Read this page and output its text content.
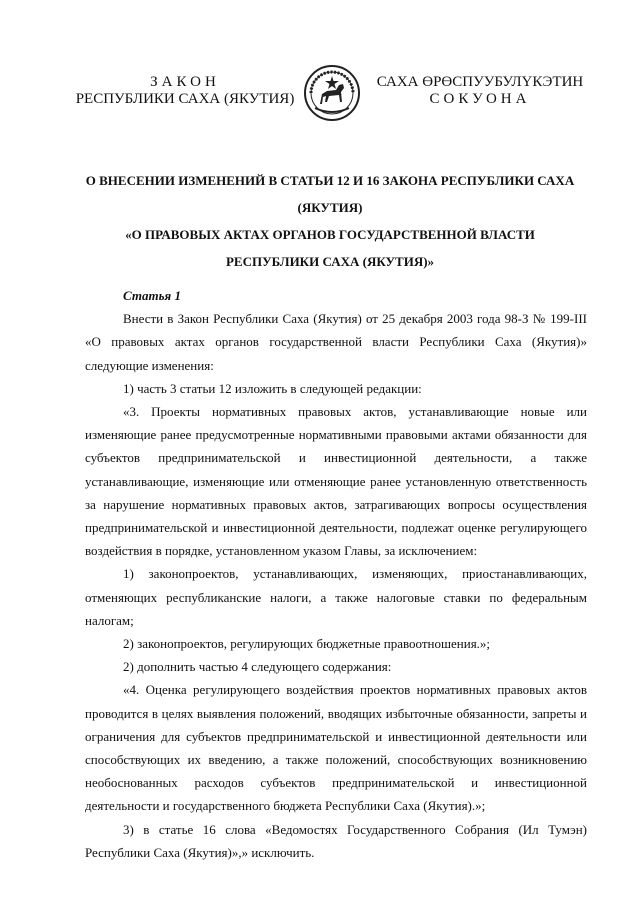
ЗАКОН
РЕСПУБЛИКИ САХА (ЯКУТИЯ)
САХА ӨРӨСПУУБУЛҮКЭТИН
СОКУОНА
О ВНЕСЕНИИ ИЗМЕНЕНИЙ В СТАТЬИ 12 И 16 ЗАКОНА РЕСПУБЛИКИ САХА (ЯКУТИЯ)
«О ПРАВОВЫХ АКТАХ ОРГАНОВ ГОСУДАРСТВЕННОЙ ВЛАСТИ
РЕСПУБЛИКИ САХА (ЯКУТИЯ)»
Статья 1

Внести в Закон Республики Саха (Якутия) от 25 декабря 2003 года 98-З № 199-III «О правовых актах органов государственной власти Республики Саха (Якутия)» следующие изменения:

1) часть 3 статьи 12 изложить в следующей редакции:

«3. Проекты нормативных правовых актов, устанавливающие новые или изменяющие ранее предусмотренные нормативными правовыми актами обязанности для субъектов предпринимательской и инвестиционной деятельности, а также устанавливающие, изменяющие или отменяющие ранее установленную ответственность за нарушение нормативных правовых актов, затрагивающих вопросы осуществления предпринимательской и инвестиционной деятельности, подлежат оценке регулирующего воздействия в порядке, установленном указом Главы, за исключением:

1) законопроектов, устанавливающих, изменяющих, приостанавливающих, отменяющих республиканские налоги, а также налоговые ставки по федеральным налогам;

2) законопроектов, регулирующих бюджетные правоотношения.»;

2) дополнить частью 4 следующего содержания:

«4. Оценка регулирующего воздействия проектов нормативных правовых актов проводится в целях выявления положений, вводящих избыточные обязанности, запреты и ограничения для субъектов предпринимательской и инвестиционной деятельности или способствующих их введению, а также положений, способствующих возникновению необоснованных расходов субъектов предпринимательской и инвестиционной деятельности и государственного бюджета Республики Саха (Якутия).»;

3) в статье 16 слова «Ведомостях Государственного Собрания (Ил Тумэн) Республики Саха (Якутия)»,» исключить.
